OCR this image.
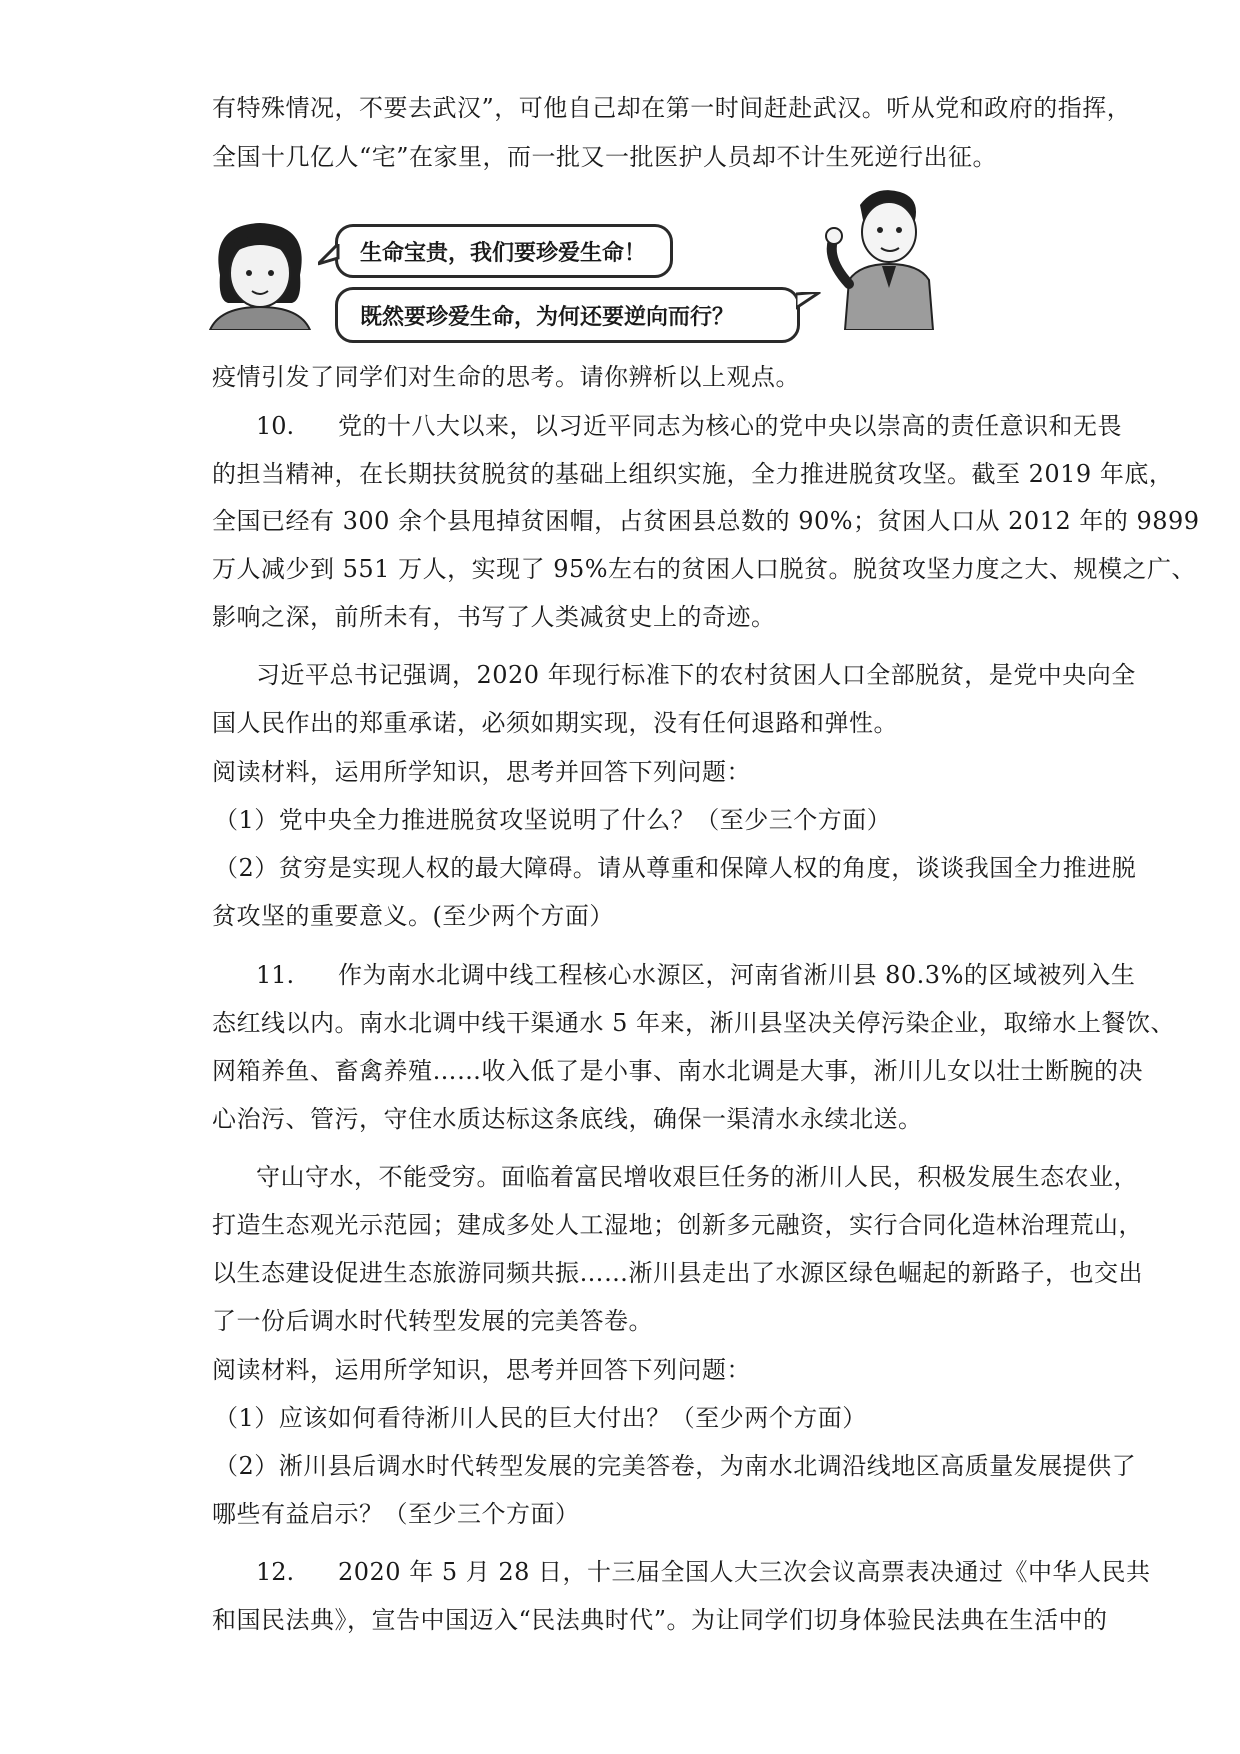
有特殊情况，不要去武汉”，可他自己却在第一时间赶赴武汉。听从党和政府的指挥，
全国十几亿人“宅”在家里，而一批又一批医护人员却不计生死逆行出征。
生命宝贵，我们要珍爱生命！
既然要珍爱生命，为何还要逆向而行？
疫情引发了同学们对生命的思考。请你辨析以上观点。
10. 党的十八大以来，以习近平同志为核心的党中央以崇高的责任意识和无畏
的担当精神，在长期扶贫脱贫的基础上组织实施，全力推进脱贫攻坚。截至 2019 年底，
全国已经有 300 余个县甩掉贫困帽，占贫困县总数的 90%；贫困人口从 2012 年的 9899
万人减少到 551 万人，实现了 95%左右的贫困人口脱贫。脱贫攻坚力度之大、规模之广、
影响之深，前所未有，书写了人类减贫史上的奇迹。
习近平总书记强调，2020 年现行标准下的农村贫困人口全部脱贫，是党中央向全
国人民作出的郑重承诺，必须如期实现，没有任何退路和弹性。
阅读材料，运用所学知识，思考并回答下列问题：
（1）党中央全力推进脱贫攻坚说明了什么？（至少三个方面）
（2）贫穷是实现人权的最大障碍。请从尊重和保障人权的角度，谈谈我国全力推进脱
贫攻坚的重要意义。(至少两个方面）
11. 作为南水北调中线工程核心水源区，河南省淅川县 80.3%的区域被列入生
态红线以内。南水北调中线干渠通水 5 年来，淅川县坚决关停污染企业，取缔水上餐饮、
网箱养鱼、畜禽养殖……收入低了是小事、南水北调是大事，淅川儿女以壮士断腕的决
心治污、管污，守住水质达标这条底线，确保一渠清水永续北送。
守山守水，不能受穷。面临着富民增收艰巨任务的淅川人民，积极发展生态农业，
打造生态观光示范园；建成多处人工湿地；创新多元融资，实行合同化造林治理荒山，
以生态建设促进生态旅游同频共振……淅川县走出了水源区绿色崛起的新路子，也交出
了一份后调水时代转型发展的完美答卷。
阅读材料，运用所学知识，思考并回答下列问题：
（1）应该如何看待淅川人民的巨大付出？（至少两个方面）
（2）淅川县后调水时代转型发展的完美答卷，为南水北调沿线地区高质量发展提供了
哪些有益启示？（至少三个方面）
12. 2020 年 5 月 28 日，十三届全国人大三次会议高票表决通过《中华人民共
和国民法典》，宣告中国迈入“民法典时代”。为让同学们切身体验民法典在生活中的
